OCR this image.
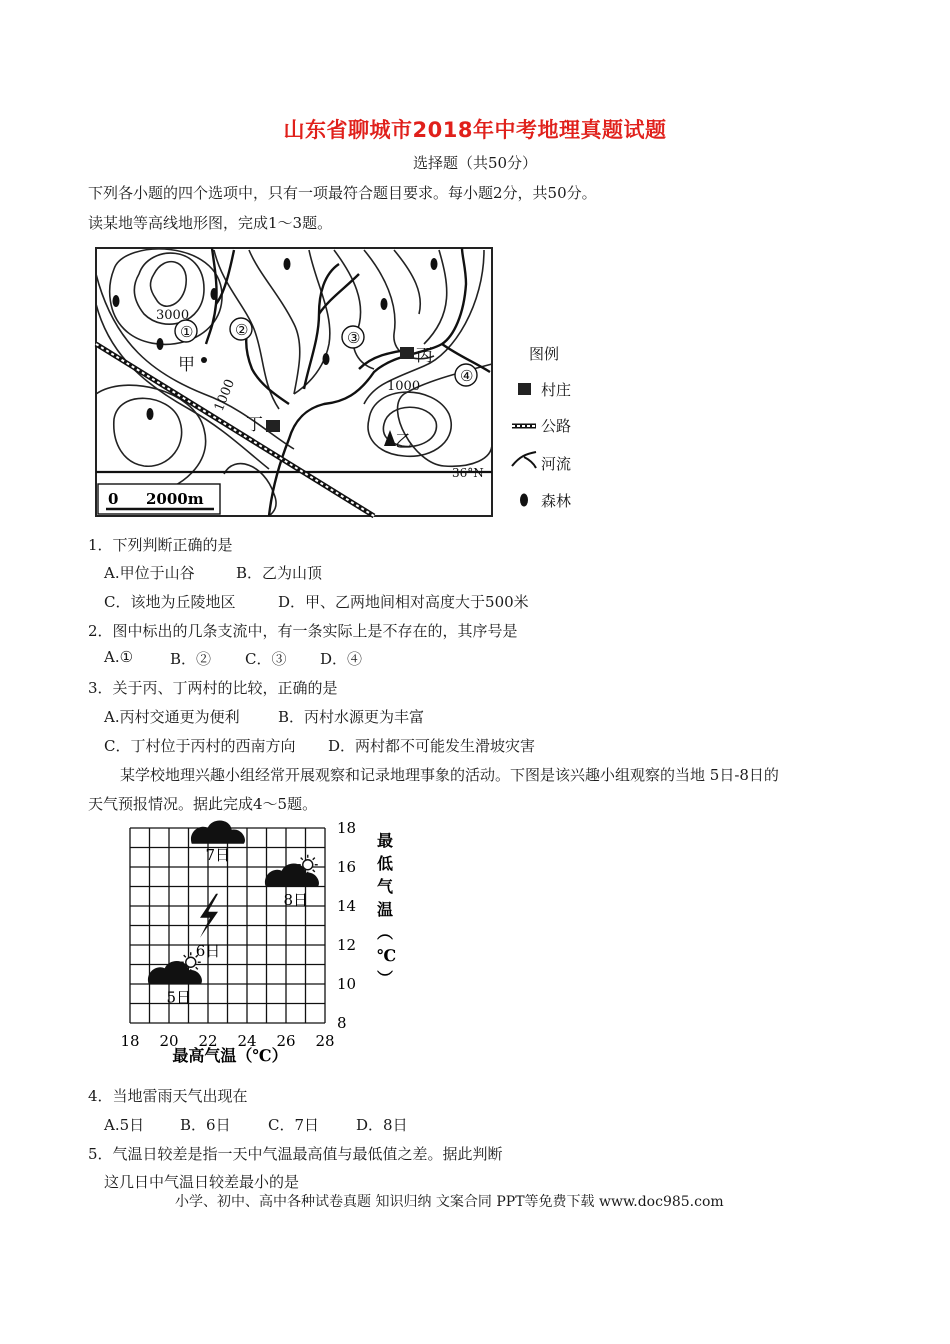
山东省聊城市2018年中考地理真题试题
选择题（共50分）
下列各小题的四个选项中，只有一项最符合题目要求。每小题2分，共50分。
读某地等高线地形图，完成1～3题。
①	②	③
④
3000
1000
1000
甲	丙
丁
乙
36°N
0 2000m
图例
村庄
公路
河流
森林
1．下列判断正确的是
A.甲位于山谷	B．乙为山顶
C．该地为丘陵地区	D．甲、乙两地间相对高度大于500米
2．图中标出的几条支流中，有一条实际上是不存在的，其序号是
A.① B．② C．③ D．④
3．关于丙、丁两村的比较，正确的是
A.丙村交通更为便利	B．丙村水源更为丰富
C．丁村位于丙村的西南方向 D．两村都不可能发生滑坡灾害
某学校地理兴趣小组经常开展观察和记录地理事象的活动。下图是该兴趣小组观察的当地 5日-8日的
天气预报情况。据此完成4～5题。
18 20 22 24 26 28
8
10
12
14
16
18
5日
6日
7日
8日
最高气温（℃）
最低气温︵ ℃ ︶
4．当地雷雨天气出现在
A.5日 B．6日 C．7日 D．8日
5．气温日较差是指一天中气温最高值与最低值之差。据此判断
这几日中气温日较差最小的是
小学、初中、高中各种试卷真题 知识归纳 文案合同 PPT等免费下载 www.doc985.com
